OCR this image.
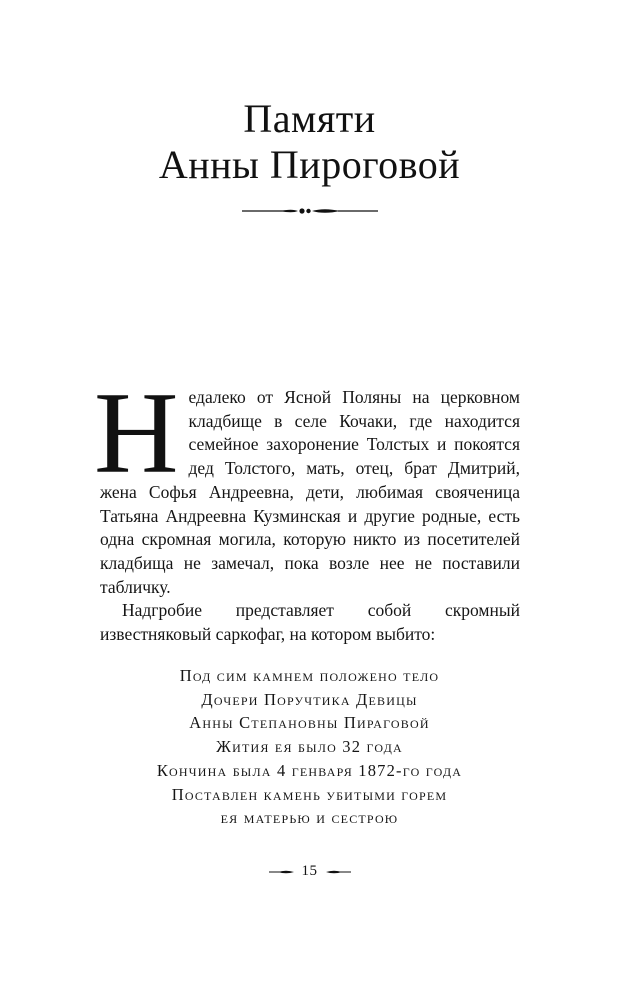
Памяти
Анны Пироговой

Недалеко от Ясной Поляны на церковном кладбище в селе Кочаки, где находится семейное захоронение Толстых и покоятся дед Толстого, мать, отец, брат Дмитрий, жена Софья Андреевна, дети, любимая свояченица Татьяна Андреевна Кузминская и другие родные, есть одна скромная могила, которую никто из посетителей кладбища не замечал, пока возле нее не поставили табличку.

Надгробие представляет собой скромный известняковый саркофаг, на котором выбито:

Под сим камнем положено тело
Дочери Поручтика Девицы
Анны Степановны Пираговой
Жития ея было 32 года
Кончина была 4 генваря 1872-го года
Поставлен камень убитыми горем
ея матерью и сестрою
15
